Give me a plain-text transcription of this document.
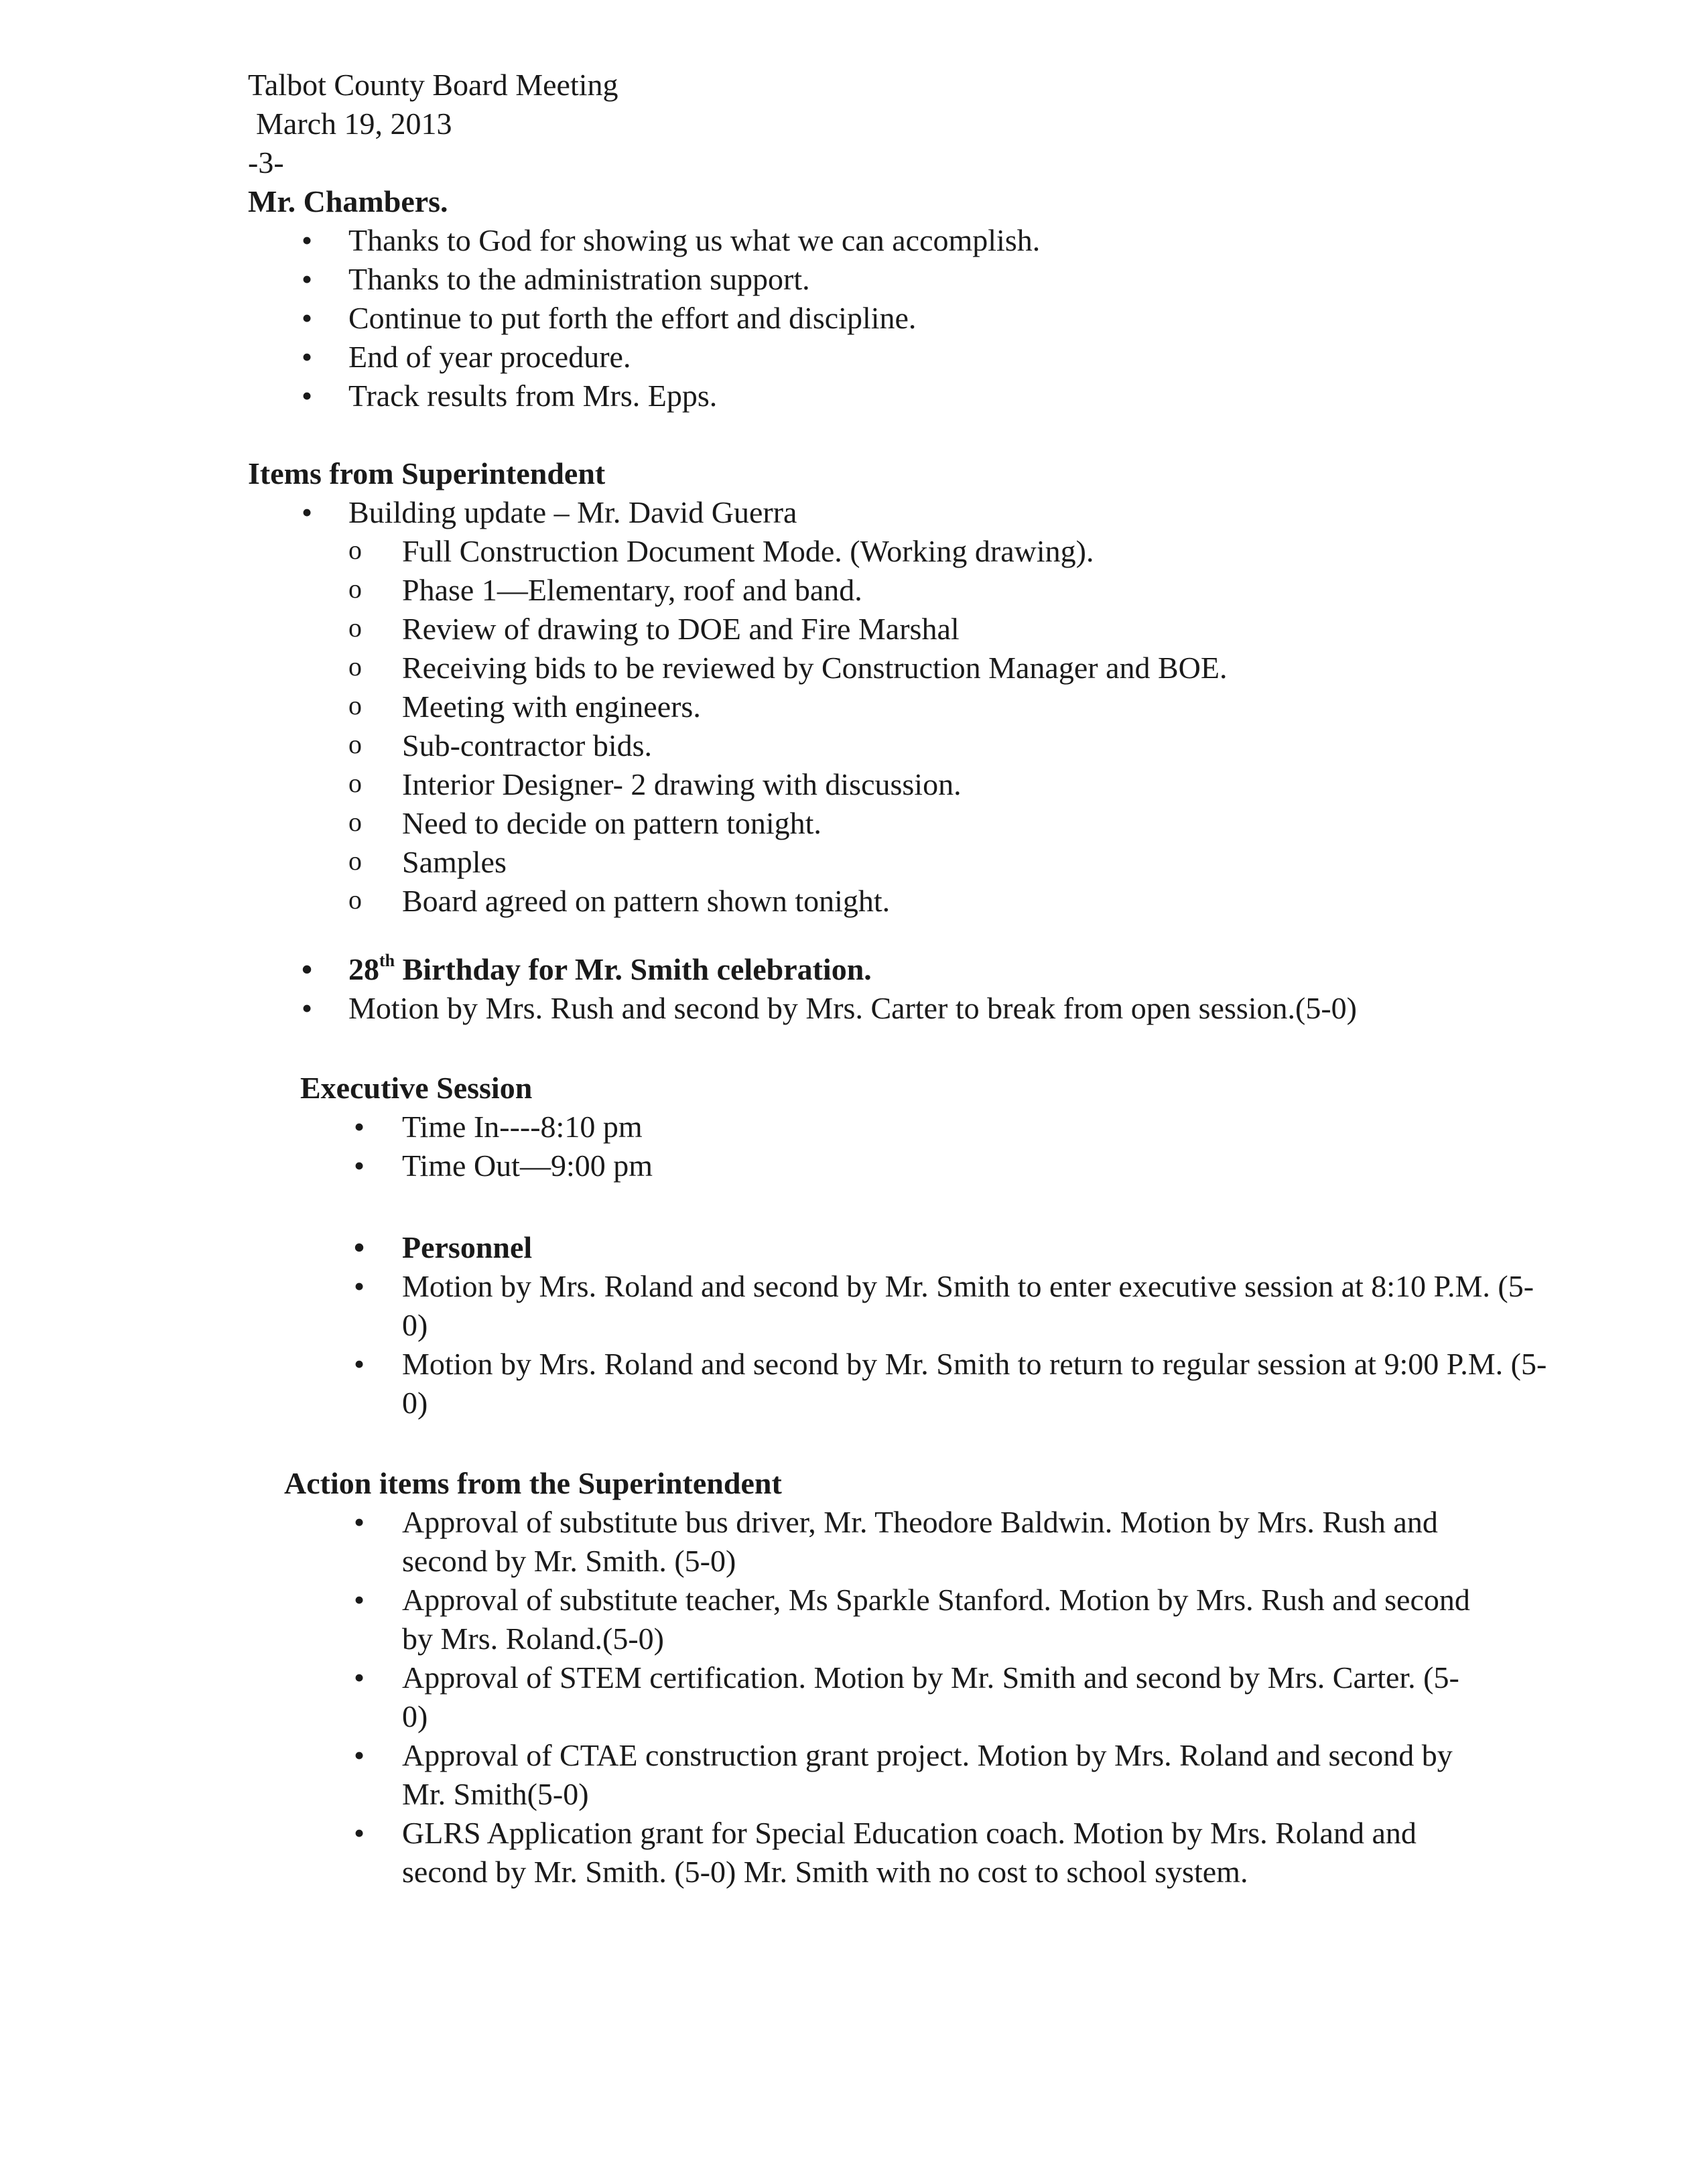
Talbot County Board Meeting
March 19, 2013
-3-
Mr. Chambers.
• Thanks to God for showing us what we can accomplish.
• Thanks to the administration support.
• Continue to put forth the effort and discipline.
• End of year procedure.
• Track results from Mrs. Epps.
Items from Superintendent
• Building update – Mr. David Guerra
o Full Construction Document Mode. (Working drawing).
o Phase 1—Elementary, roof and band.
o Review of drawing to DOE and Fire Marshal
o Receiving bids to be reviewed by Construction Manager and BOE.
o Meeting with engineers.
o Sub-contractor bids.
o Interior Designer- 2 drawing with discussion.
o Need to decide on pattern tonight.
o Samples
o Board agreed on pattern shown tonight.
• 28th Birthday for Mr. Smith celebration.
• Motion by Mrs. Rush and second by Mrs. Carter to break from open session.(5-0)
Executive Session
• Time In----8:10 pm
• Time Out—9:00 pm
• Personnel
• Motion by Mrs. Roland and second by Mr. Smith to enter executive session at 8:10 P.M. (5-0)
• Motion by Mrs. Roland and second by Mr. Smith to return to regular session at 9:00 P.M. (5-0)
Action items from the Superintendent
• Approval of substitute bus driver, Mr. Theodore Baldwin. Motion by Mrs. Rush and second by Mr. Smith. (5-0)
• Approval of substitute teacher, Ms Sparkle Stanford. Motion by Mrs. Rush and second by Mrs. Roland.(5-0)
• Approval of STEM certification. Motion by Mr. Smith and second by Mrs. Carter. (5-0)
• Approval of CTAE construction grant project. Motion by Mrs. Roland and second by Mr. Smith(5-0)
• GLRS Application grant for Special Education coach. Motion by Mrs. Roland and second by Mr. Smith. (5-0) Mr. Smith with no cost to school system.
